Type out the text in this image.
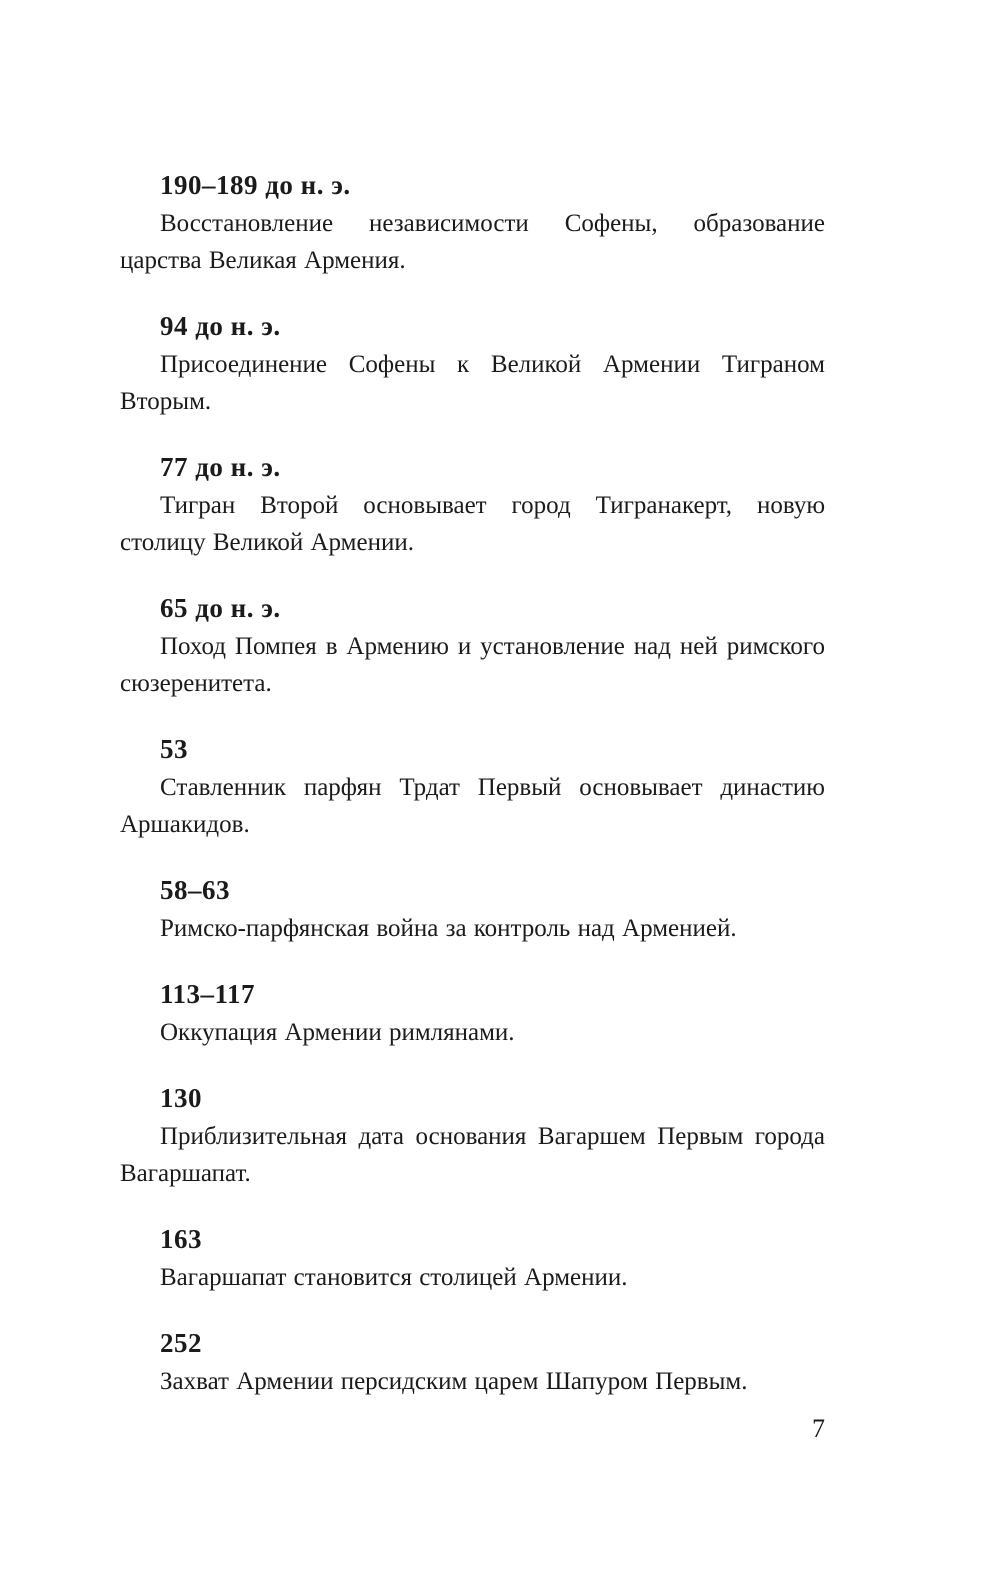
190–189 до н. э.

Восстановление независимости Софены, образование царства Великая Армения.

94 до н. э.

Присоединение Софены к Великой Армении Тиграном Вторым.

77 до н. э.

Тигран Второй основывает город Тигранакерт, новую столицу Великой Армении.

65 до н. э.

Поход Помпея в Армению и установление над ней римского сюзеренитета.

53

Ставленник парфян Трдат Первый основывает династию Аршакидов.

58–63

Римско-парфянская война за контроль над Арменией.

113–117

Оккупация Армении римлянами.

130

Приблизительная дата основания Вагаршем Первым города Вагаршапат.

163

Вагаршапат становится столицей Армении.

252

Захват Армении персидским царем Шапуром Первым.

7
